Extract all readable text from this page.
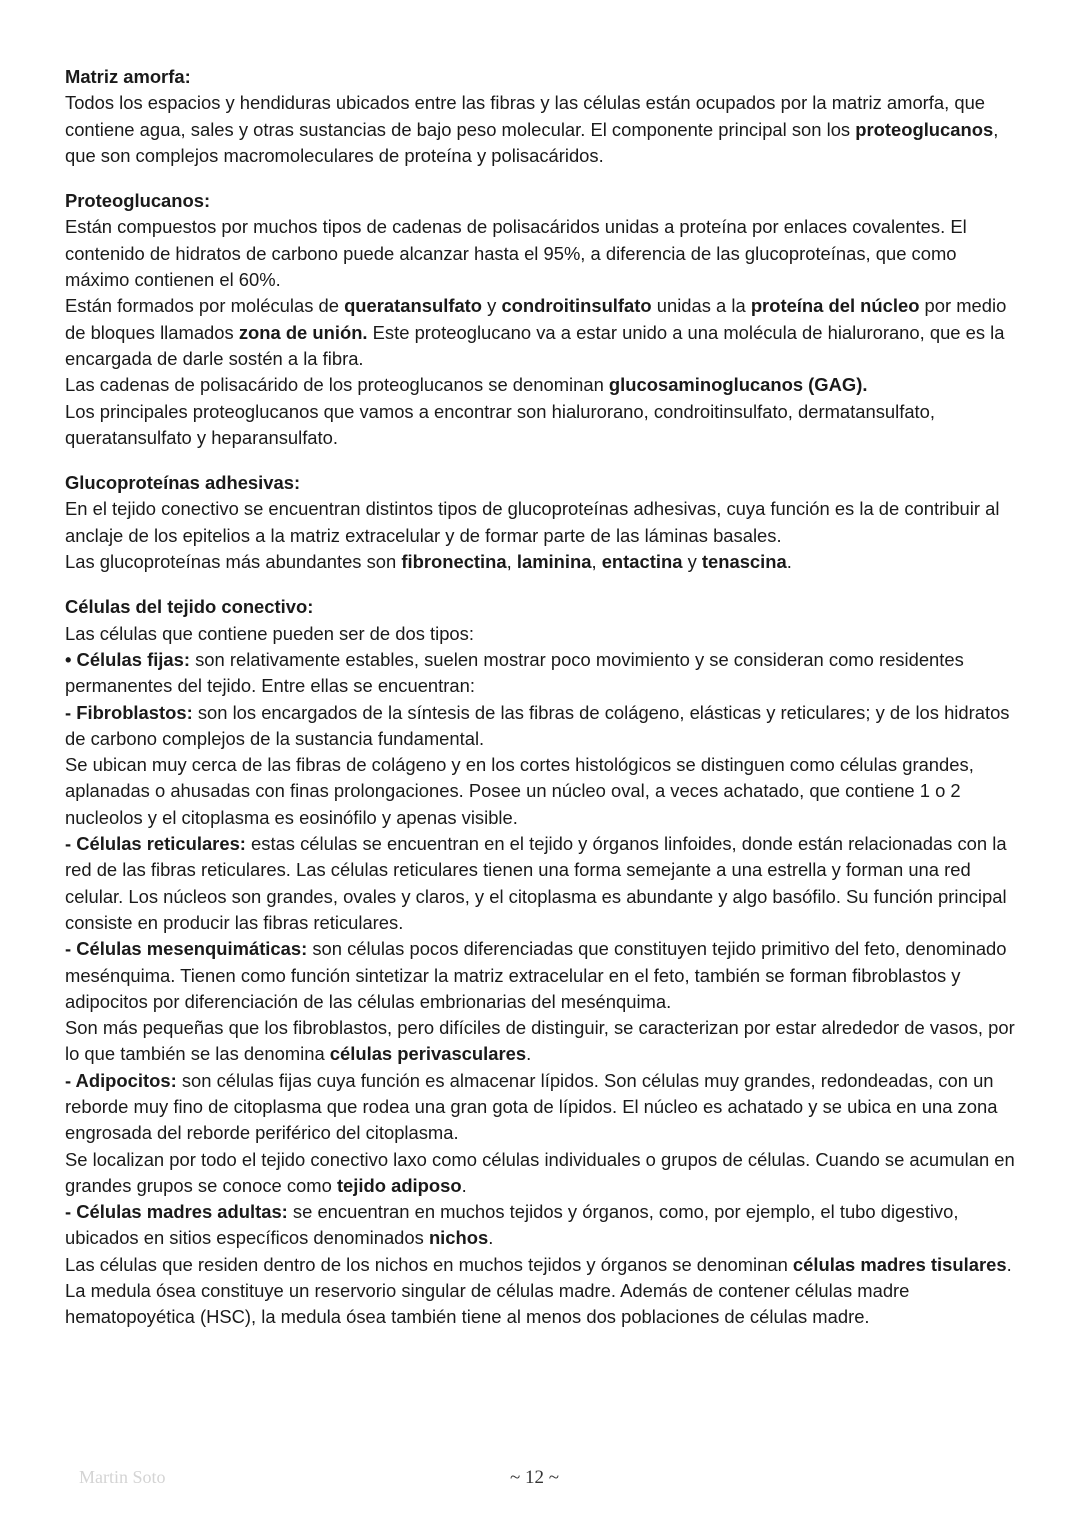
Matriz amorfa:
Todos los espacios y hendiduras ubicados entre las fibras y las células están ocupados por la matriz amorfa, que contiene agua, sales y otras sustancias de bajo peso molecular. El componente principal son los proteoglucanos, que son complejos macromoleculares de proteína y polisacáridos.
Proteoglucanos:
Están compuestos por muchos tipos de cadenas de polisacáridos unidas a proteína por enlaces covalentes. El contenido de hidratos de carbono puede alcanzar hasta el 95%, a diferencia de las glucoproteínas, que como máximo contienen el 60%.
Están formados por moléculas de queratansulfato y condroitinsulfato unidas a la proteína del núcleo por medio de bloques llamados zona de unión. Este proteoglucano va a estar unido a una molécula de hialurorano, que es la encargada de darle sostén a la fibra.
Las cadenas de polisacárido de los proteoglucanos se denominan glucosaminoglucanos (GAG).
Los principales proteoglucanos que vamos a encontrar son hialurorano, condroitinsulfato, dermatansulfato, queratansulfato y heparansulfato.
Glucoproteínas adhesivas:
En el tejido conectivo se encuentran distintos tipos de glucoproteínas adhesivas, cuya función es la de contribuir al anclaje de los epitelios a la matriz extracelular y de formar parte de las láminas basales.
Las glucoproteínas más abundantes son fibronectina, laminina, entactina y tenascina.
Células del tejido conectivo:
Las células que contiene pueden ser de dos tipos:
• Células fijas: son relativamente estables, suelen mostrar poco movimiento y se consideran como residentes permanentes del tejido. Entre ellas se encuentran:
- Fibroblastos: son los encargados de la síntesis de las fibras de colágeno, elásticas y reticulares; y de los hidratos de carbono complejos de la sustancia fundamental.
Se ubican muy cerca de las fibras de colágeno y en los cortes histológicos se distinguen como células grandes, aplanadas o ahusadas con finas prolongaciones. Posee un núcleo oval, a veces achatado, que contiene 1 o 2 nucleolos y el citoplasma es eosinófilo y apenas visible.
- Células reticulares: estas células se encuentran en el tejido y órganos linfoides, donde están relacionadas con la red de las fibras reticulares. Las células reticulares tienen una forma semejante a una estrella y forman una red celular. Los núcleos son grandes, ovales y claros, y el citoplasma es abundante y algo basófilo. Su función principal consiste en producir las fibras reticulares.
- Células mesenquimáticas: son células pocos diferenciadas que constituyen tejido primitivo del feto, denominado mesénquima. Tienen como función sintetizar la matriz extracelular en el feto, también se forman fibroblastos y adipocitos por diferenciación de las células embrionarias del mesénquima.
Son más pequeñas que los fibroblastos, pero difíciles de distinguir, se caracterizan por estar alrededor de vasos, por lo que también se las denomina células perivasculares.
- Adipocitos: son células fijas cuya función es almacenar lípidos. Son células muy grandes, redondeadas, con un reborde muy fino de citoplasma que rodea una gran gota de lípidos. El núcleo es achatado y se ubica en una zona engrosada del reborde periférico del citoplasma.
Se localizan por todo el tejido conectivo laxo como células individuales o grupos de células. Cuando se acumulan en grandes grupos se conoce como tejido adiposo.
- Células madres adultas: se encuentran en muchos tejidos y órganos, como, por ejemplo, el tubo digestivo, ubicados en sitios específicos denominados nichos.
Las células que residen dentro de los nichos en muchos tejidos y órganos se denominan células madres tisulares.
La medula ósea constituye un reservorio singular de células madre. Además de contener células madre hematopoyética (HSC), la medula ósea también tiene al menos dos poblaciones de células madre.
Martin Soto	~ 12 ~
